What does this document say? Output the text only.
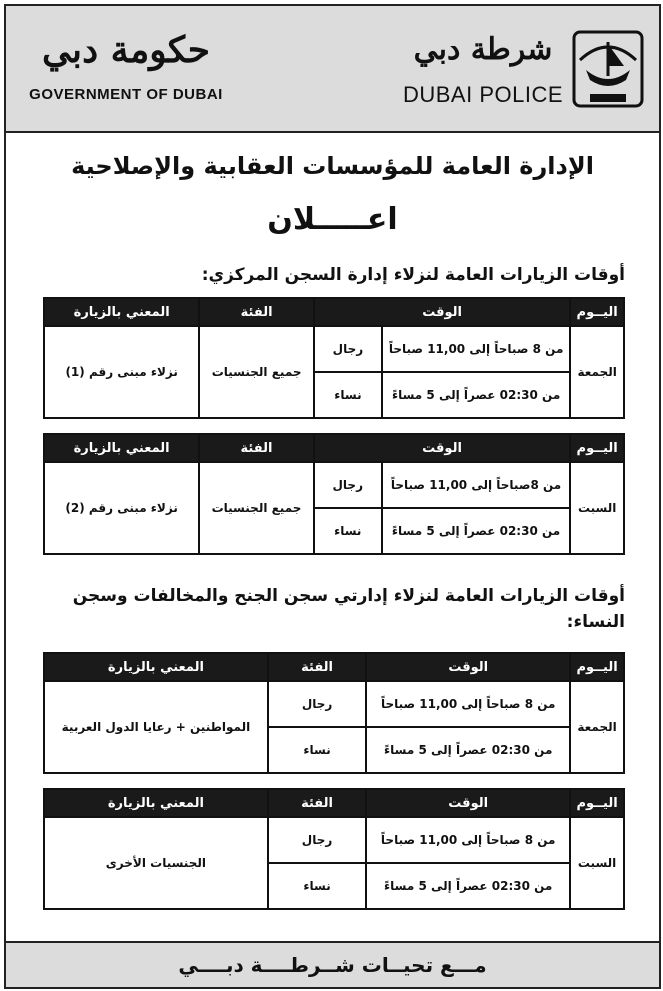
حكومة دبي
GOVERNMENT OF DUBAI
شرطة دبي
DUBAI POLICE
الإدارة العامة للمؤسسات العقابية والإصلاحية
اعـــــلان
أوقات الزيارات العامة لنزلاء إدارة السجن المركزي:
اليــوم	الوقت		الفئة	المعني بالزيارة
الجمعة	من 8 صباحاً إلى 11,00 صباحاً	رجال	جميع الجنسيات	نزلاء مبنى رقم (1)
	من 02:30 عصراً إلى 5 مساءً	نساء		
اليــوم	الوقت		الفئة	المعني بالزيارة
السبت	من 8صباحاً إلى 11,00 صباحاً	رجال	جميع الجنسيات	نزلاء مبنى رقم (2)
	من 02:30 عصراً إلى 5 مساءً	نساء		
أوقات الزيارات العامة لنزلاء إدارتي سجن الجنح والمخالفات وسجن النساء:
اليــوم	الوقت	الفئة	المعني بالزيارة
الجمعة	من 8 صباحاً إلى 11,00 صباحاً	رجال	المواطنين + رعايا الدول العربية
	من 02:30 عصراً إلى 5 مساءً	نساء	
اليــوم	الوقت	الفئة	المعني بالزيارة
السبت	من 8 صباحاً إلى 11,00 صباحاً	رجال	الجنسيات الأخرى
	من 02:30 عصراً إلى 5 مساءً	نساء	
مـــع تحيــات شــرطــــة دبــــي
